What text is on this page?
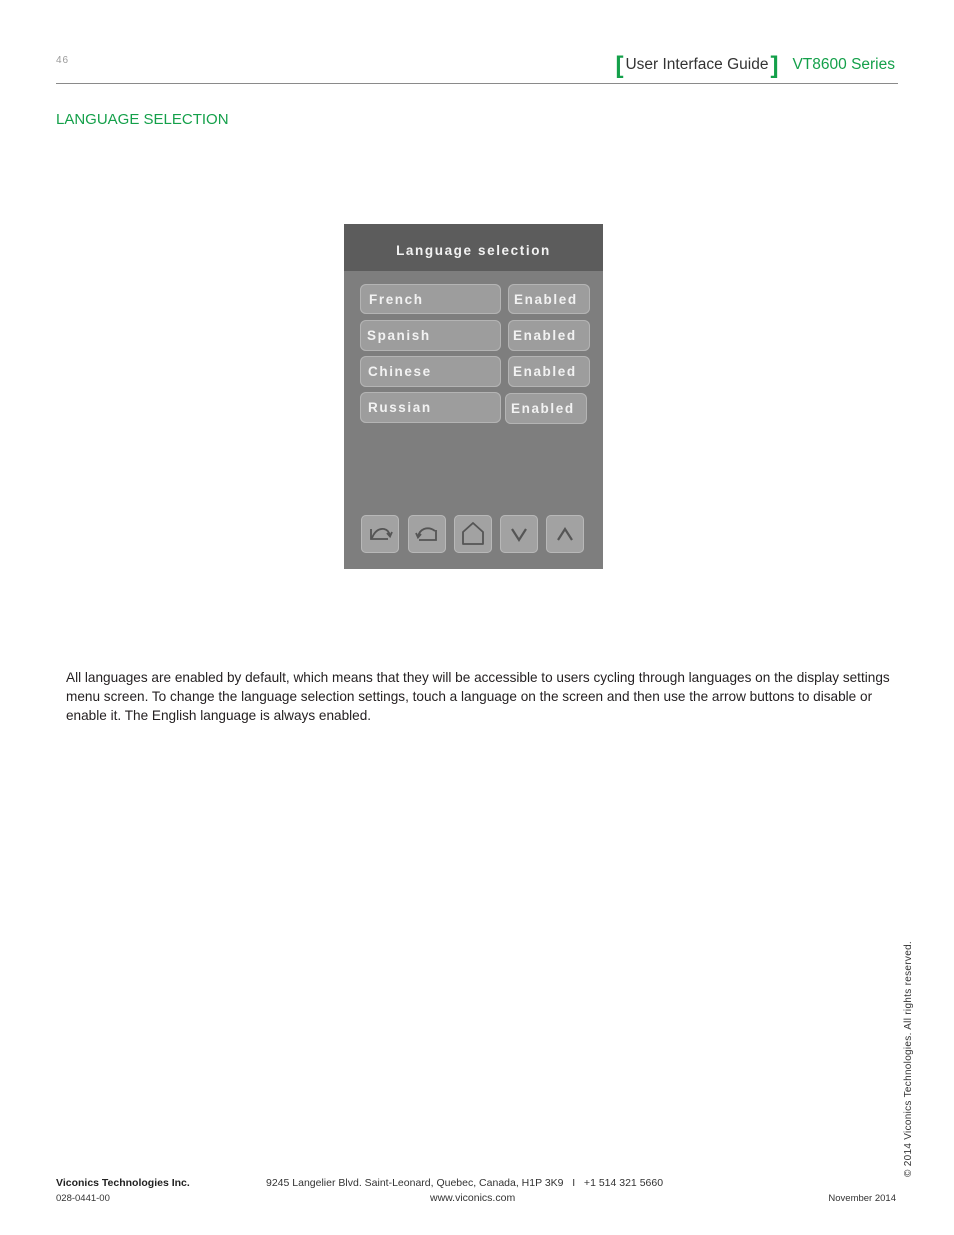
46	[ User Interface Guide ] VT8600 Series
LANGUAGE SELECTION
Language selection
French	Enabled
Spanish	Enabled
Chinese	Enabled
Russian	Enabled
All languages are enabled by default, which means that they will be accessible to users cycling through languages on the display settings menu screen. To change the language selection settings, touch a language on the screen and then use the arrow buttons to disable or enable it. The English language is always enabled.
© 2014 Viconics Technologies. All rights reserved.
Viconics Technologies Inc.
028-0441-00
9245 Langelier Blvd. Saint-Leonard, Quebec, Canada, H1P 3K9   I   +1 514 321 5660
www.viconics.com	November 2014
